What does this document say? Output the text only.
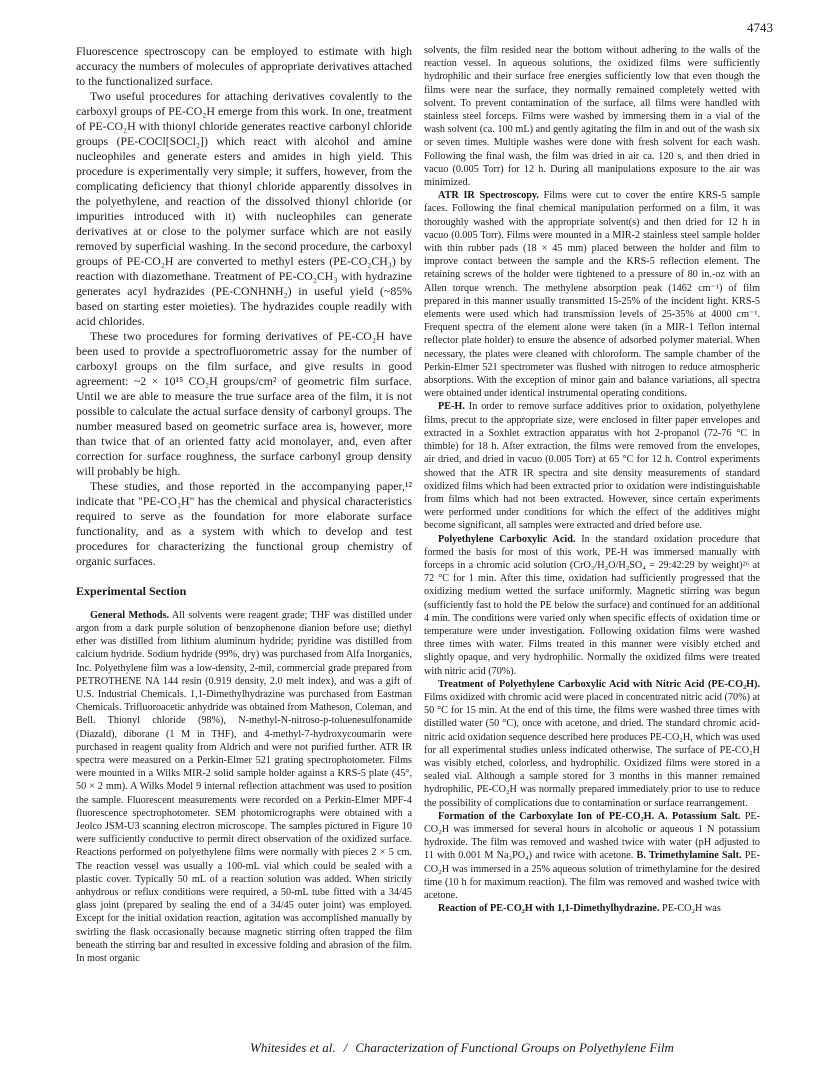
4743

Fluorescence spectroscopy can be employed to estimate with high accuracy the numbers of molecules of appropriate derivatives attached to the functionalized surface.

Two useful procedures for attaching derivatives covalently to the carboxyl groups of PE-CO₂H emerge from this work. In one, treatment of PE-CO₂H with thionyl chloride generates reactive carbonyl chloride groups (PE-COCl[SOCl₂]) which react with alcohol and amine nucleophiles and generate esters and amides in high yield. This procedure is experimentally very simple; it suffers, however, from the complicating deficiency that thionyl chloride apparently dissolves in the polyethylene, and reaction of the dissolved thionyl chloride (or impurities introduced with it) with nucleophiles can generate derivatives at or close to the polymer surface which are not easily removed by superficial washing. In the second procedure, the carboxyl groups of PE-CO₂H are converted to methyl esters (PE-CO₂CH₃) by reaction with diazomethane. Treatment of PE-CO₂CH₃ with hydrazine generates acyl hydrazides (PE-CONHNH₂) in useful yield (~85% based on starting ester moieties). The hydrazides couple readily with acid chlorides.

These two procedures for forming derivatives of PE-CO₂H have been used to provide a spectrofluorometric assay for the number of carboxyl groups on the film surface, and give results in good agreement: ~2 × 10¹⁵ CO₂H groups/cm² of geometric film surface. Until we are able to measure the true surface area of the film, it is not possible to calculate the actual surface density of carbonyl groups. The number measured based on geometric surface area is, however, more than twice that of an oriented fatty acid monolayer, and, even after correction for surface roughness, the surface carbonyl group density will probably be high.

These studies, and those reported in the accompanying paper,¹² indicate that "PE-CO₂H" has the chemical and physical characteristics required to serve as the foundation for more elaborate surface functionality, and as a system with which to develop and test procedures for characterizing the functional group chemistry of organic surfaces.

Experimental Section

General Methods. All solvents were reagent grade; THF was distilled under argon from a dark purple solution of benzophenone dianion before use; diethyl ether was distilled from lithium aluminum hydride; pyridine was distilled from calcium hydride. Sodium hydride (99%, dry) was purchased from Alfa Inorganics, Inc. Polyethylene film was a low-density, 2-mil, commercial grade prepared from PETROTHENE NA 144 resin (0.919 density, 2.0 melt index), and was a gift of U.S. Industrial Chemicals. 1,1-Dimethylhydrazine was purchased from Eastman Chemicals. Trifluoroacetic anhydride was obtained from Matheson, Coleman, and Bell. Thionyl chloride (98%), N-methyl-N-nitroso-p-toluenesulfonamide (Diazald), diborane (1 M in THF), and 4-methyl-7-hydroxycoumarin were purchased in reagent quality from Aldrich and were not purified further. ATR IR spectra were measured on a Perkin-Elmer 521 grating spectrophotometer. Films were mounted in a Wilks MIR-2 solid sample holder against a KRS-5 plate (45°, 50 × 2 mm). A Wilks Model 9 internal reflection attachment was used to position the sample. Fluorescent measurements were recorded on a Perkin-Elmer MPF-4 fluorescence spectrophotometer. SEM photomicrographs were obtained with a Jeolco JSM-U3 scanning electron microscope. The samples pictured in Figure 10 were sufficiently conductive to permit direct observation of the oxidized surface. Reactions performed on polyethylene films were normally with pieces 2 × 5 cm. The reaction vessel was usually a 100-mL vial which could be sealed with a plastic cover. Typically 50 mL of a reaction solution was added. When strictly anhydrous or reflux conditions were required, a 50-mL tube fitted with a 34/45 glass joint (prepared by sealing the end of a 34/45 outer joint) was employed. Except for the initial oxidation reaction, agitation was accomplished manually by swirling the flask occasionally because magnetic stirring often trapped the film beneath the stirring bar and resulted in excessive folding and abrasion of the film. In most organic

solvents, the film resided near the bottom without adhering to the walls of the reaction vessel. In aqueous solutions, the oxidized films were sufficiently hydrophilic and their surface free energies sufficiently low that even though the films were near the surface, they normally remained completely wetted with solvent. To prevent contamination of the surface, all films were handled with stainless steel forceps. Films were washed by immersing them in a vial of the wash solvent (ca. 100 mL) and gently agitating the film in and out of the wash six or seven times. Multiple washes were done with fresh solvent for each wash. Following the final wash, the film was dried in air ca. 120 s, and then dried in vacuo (0.005 Torr) for 12 h. During all manipulations exposure to the air was minimized.

ATR IR Spectroscopy. Films were cut to cover the entire KRS-5 sample faces. Following the final chemical manipulation performed on a film, it was thoroughly washed with the appropriate solvent(s) and then dried for 12 h in vacuo (0.005 Torr). Films were mounted in a MIR-2 stainless steel sample holder with thin rubber pads (18 × 45 mm) placed between the holder and film to improve contact between the sample and the KRS-5 reflection element. The retaining screws of the holder were tightened to a pressure of 80 in.-oz with an Allen torque wrench. The methylene absorption peak (1462 cm⁻¹) of film prepared in this manner usually transmitted 15-25% of the incident light. KRS-5 elements were used which had transmission levels of 25-35% at 4000 cm⁻¹. Frequent spectra of the element alone were taken (in a MIR-1 Teflon internal reflector plate holder) to ensure the absence of adsorbed polymer material. When necessary, the plates were cleaned with chloroform. The sample chamber of the Perkin-Elmer 521 spectrometer was flushed with nitrogen to reduce atmospheric absorptions. With the exception of minor gain and balance variations, all spectra were obtained under identical instrumental operating conditions.

PE-H. In order to remove surface additives prior to oxidation, polyethylene films, precut to the appropriate size, were enclosed in filter paper envelopes and extracted in a Soxhlet extraction apparatus with hot 2-propanol (72-76 °C in thimble) for 18 h. After extraction, the films were removed from the envelopes, air dried, and dried in vacuo (0.005 Torr) at 65 °C for 12 h. Control experiments showed that the ATR IR spectra and site density measurements of standard oxidized films which had been extracted prior to oxidation were indistinguishable from films which had not been extracted. However, since certain experiments were performed under conditions for which the effect of the additives might become significant, all samples were extracted and dried before use.

Polyethylene Carboxylic Acid. In the standard oxidation procedure that formed the basis for most of this work, PE-H was immersed manually with forceps in a chromic acid solution (CrO₃/H₂O/H₂SO₄ = 29:42:29 by weight)²⁶ at 72 °C for 1 min. After this time, oxidation had sufficiently progressed that the oxidizing medium wetted the surface uniformly. Magnetic stirring was begun (sufficiently fast to hold the PE below the surface) and continued for an additional 4 min. The conditions were varied only when specific effects of oxidation time or temperature were under investigation. Following oxidation films were washed three times with water. Films treated in this manner were visibly etched and slightly opaque, and very hydrophilic. Normally the oxidized films were treated with nitric acid (70%).

Treatment of Polyethylene Carboxylic Acid with Nitric Acid (PE-CO₂H). Films oxidized with chromic acid were placed in concentrated nitric acid (70%) at 50 °C for 15 min. At the end of this time, the films were washed three times with distilled water (50 °C), once with acetone, and dried. The standard chromic acid-nitric acid oxidation sequence described here produces PE-CO₂H, which was used for all experimental studies unless indicated otherwise. The surface of PE-CO₂H was visibly etched, colorless, and hydrophilic. Oxidized films were stored in a sealed vial. Although a sample stored for 3 months in this manner remained hydrophilic, PE-CO₂H was normally prepared immediately prior to use to reduce the possibility of complications due to contamination or surface rearrangement.

Formation of the Carboxylate Ion of PE-CO₂H. A. Potassium Salt. PE-CO₂H was immersed for several hours in alcoholic or aqueous 1 N potassium hydroxide. The film was removed and washed twice with water (pH adjusted to 11 with 0.001 M Na₃PO₄) and twice with acetone. B. Trimethylamine Salt. PE-CO₂H was immersed in a 25% aqueous solution of trimethylamine for the desired time (10 h for maximum reaction). The film was removed and washed twice with acetone.

Reaction of PE-CO₂H with 1,1-Dimethylhydrazine. PE-CO₂H was

Whitesides et al. / Characterization of Functional Groups on Polyethylene Film
